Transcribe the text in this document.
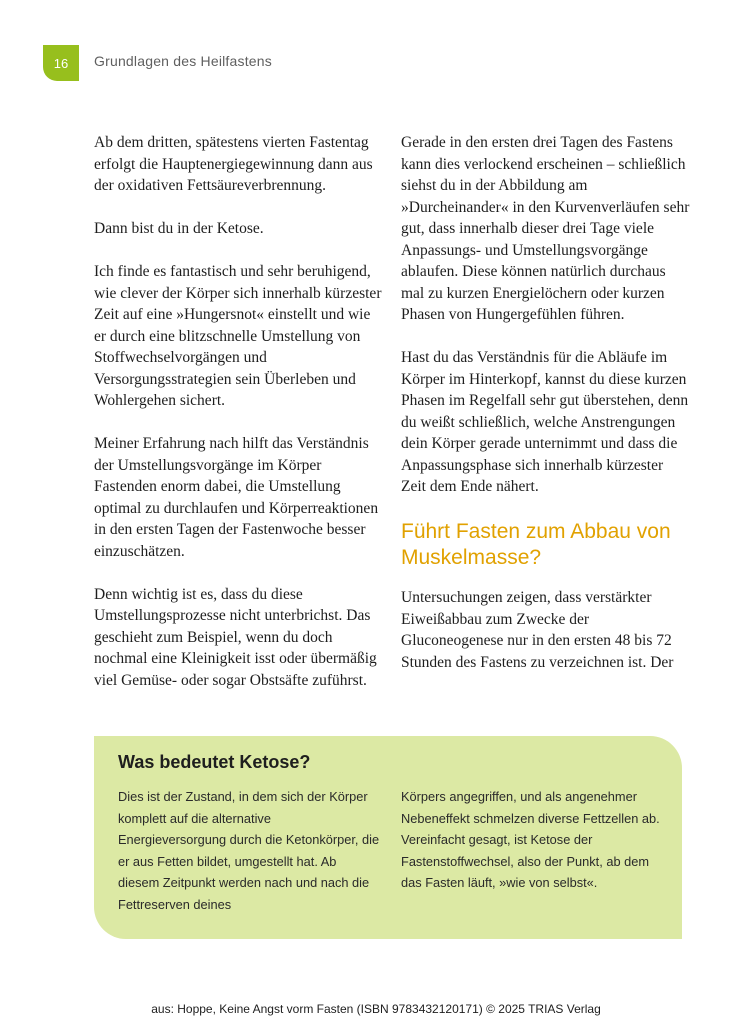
16 Grundlagen des Heilfastens

Ab dem dritten, spätestens vierten Fastentag erfolgt die Hauptenergiegewinnung dann aus der oxidativen Fettsäureverbrennung.

Dann bist du in der Ketose.

Ich finde es fantastisch und sehr beruhigend, wie clever der Körper sich innerhalb kürzester Zeit auf eine »Hungersnot« einstellt und wie er durch eine blitzschnelle Umstellung von Stoffwechselvorgängen und Versorgungsstrategien sein Überleben und Wohlergehen sichert.

Meiner Erfahrung nach hilft das Verständnis der Umstellungsvorgänge im Körper Fastenden enorm dabei, die Umstellung optimal zu durchlaufen und Körperreaktionen in den ersten Tagen der Fastenwoche besser einzuschätzen.

Denn wichtig ist es, dass du diese Umstellungsprozesse nicht unterbrichst. Das geschieht zum Beispiel, wenn du doch nochmal eine Kleinigkeit isst oder übermäßig viel Gemüse- oder sogar Obstsäfte zuführst.

Gerade in den ersten drei Tagen des Fastens kann dies verlockend erscheinen – schließlich siehst du in der Abbildung am »Durcheinander« in den Kurvenverläufen sehr gut, dass innerhalb dieser drei Tage viele Anpassungs- und Umstellungsvorgänge ablaufen. Diese können natürlich durchaus mal zu kurzen Energielöchern oder kurzen Phasen von Hungergefühlen führen.

Hast du das Verständnis für die Abläufe im Körper im Hinterkopf, kannst du diese kurzen Phasen im Regelfall sehr gut überstehen, denn du weißt schließlich, welche Anstrengungen dein Körper gerade unternimmt und dass die Anpassungsphase sich innerhalb kürzester Zeit dem Ende nähert.

Führt Fasten zum Abbau von Muskelmasse?

Untersuchungen zeigen, dass verstärkter Eiweißabbau zum Zwecke der Gluconeogenese nur in den ersten 48 bis 72 Stunden des Fastens zu verzeichnen ist. Der

Was bedeutet Ketose?
Dies ist der Zustand, in dem sich der Körper komplett auf die alternative Energieversorgung durch die Ketonkörper, die er aus Fetten bildet, umgestellt hat. Ab diesem Zeitpunkt werden nach und nach die Fettreserven deines
Körpers angegriffen, und als angenehmer Nebeneffekt schmelzen diverse Fettzellen ab. Vereinfacht gesagt, ist Ketose der Fastenstoffwechsel, also der Punkt, ab dem das Fasten läuft, »wie von selbst«.
aus: Hoppe, Keine Angst vorm Fasten (ISBN 9783432120171) © 2025 TRIAS Verlag
